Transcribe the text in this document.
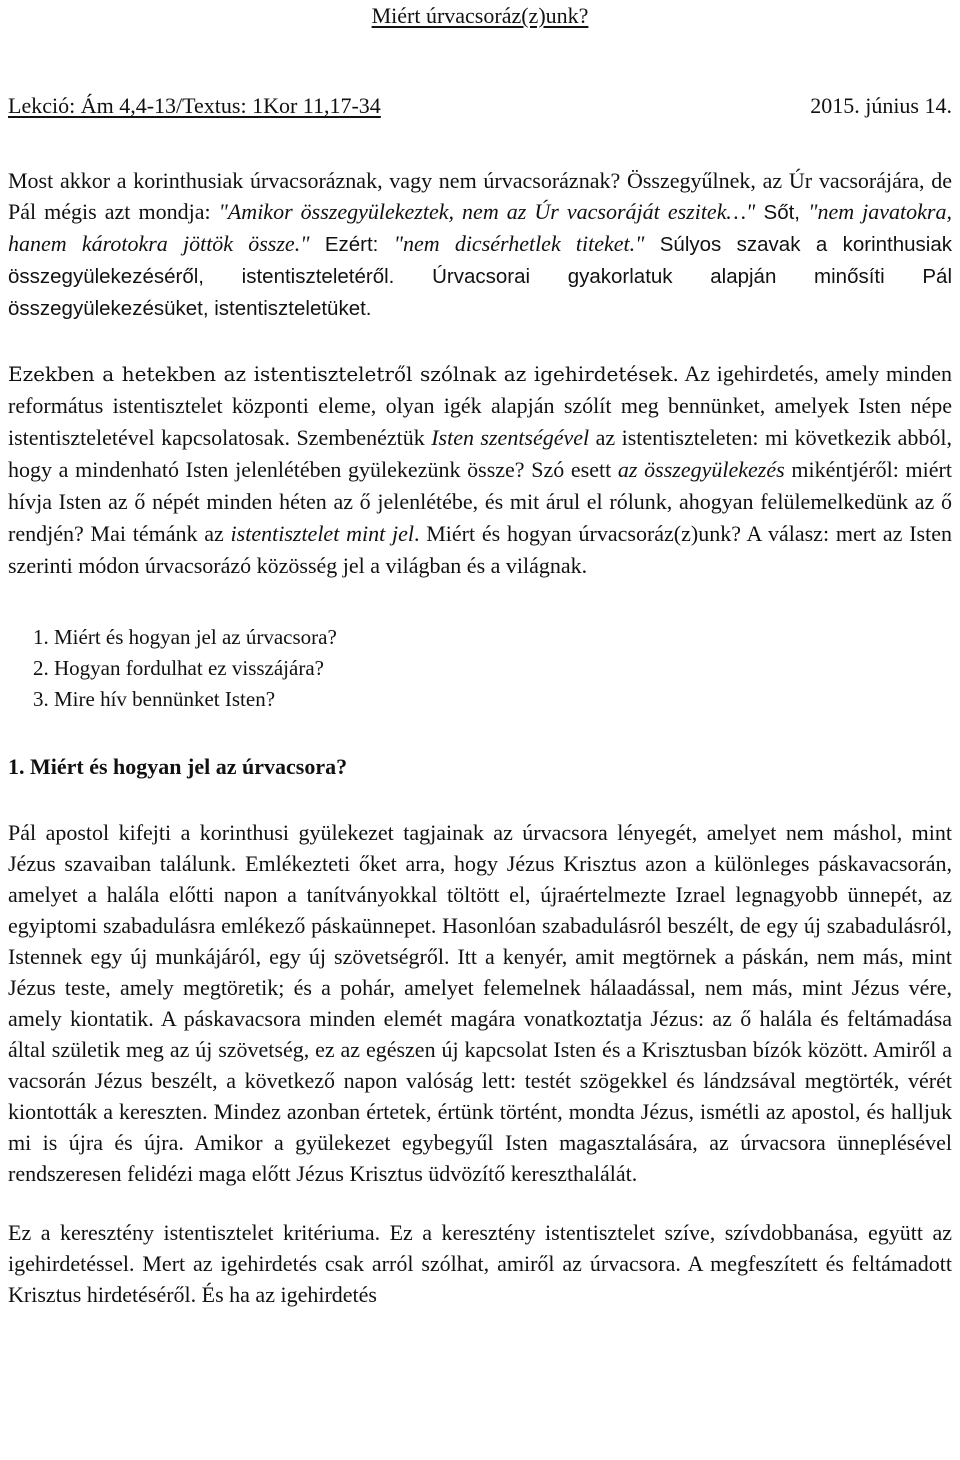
Miért úrvacsoráz(z)unk?
Lekció: Ám 4,4-13/Textus: 1Kor 11,17-34	2015. június 14.

Most akkor a korinthusiak úrvacsoráznak, vagy nem úrvacsoráznak? Összegyűlnek, az Úr vacsorájára, de Pál mégis azt mondja: "Amikor összegyülekeztek, nem az Úr vacsoráját eszitek…" Sőt, "nem javatokra, hanem károtokra jöttök össze." Ezért: "nem dicsérhetlek titeket." Súlyos szavak a korinthusiak összegyülekezéséről, istentiszteletéről. Úrvacsorai gyakorlatuk alapján minősíti Pál összegyülekezésüket, istentiszteletüket.

Ezekben a hetekben az istentiszteletről szólnak az igehirdetések. Az igehirdetés, amely minden református istentisztelet központi eleme, olyan igék alapján szólít meg bennünket, amelyek Isten népe istentiszteletével kapcsolatosak. Szembenéztük Isten szentségével az istentiszteleten: mi következik abból, hogy a mindenható Isten jelenlétében gyülekezünk össze? Szó esett az összegyülekezés mikéntjéről: miért hívja Isten az ő népét minden héten az ő jelenlétébe, és mit árul el rólunk, ahogyan felülemelkedünk az ő rendjén? Mai témánk az istentisztelet mint jel. Miért és hogyan úrvacsoráz(z)unk? A válasz: mert az Isten szerinti módon úrvacsorázó közösség jel a világban és a világnak.

1. Miért és hogyan jel az úrvacsora?
2. Hogyan fordulhat ez visszájára?
3. Mire hív bennünket Isten?
1. Miért és hogyan jel az úrvacsora?

Pál apostol kifejti a korinthusi gyülekezet tagjainak az úrvacsora lényegét, amelyet nem máshol, mint Jézus szavaiban találunk. Emlékezteti őket arra, hogy Jézus Krisztus azon a különleges páskavacsorán, amelyet a halála előtti napon a tanítványokkal töltött el, újraértelmezte Izrael legnagyobb ünnepét, az egyiptomi szabadulásra emlékező páskaünnepet. Hasonlóan szabadulásról beszélt, de egy új szabadulásról, Istennek egy új munkájáról, egy új szövetségről. Itt a kenyér, amit megtörnek a páskán, nem más, mint Jézus teste, amely megtöretik; és a pohár, amelyet felemelnek hálaadással, nem más, mint Jézus vére, amely kiontatik. A páskavacsora minden elemét magára vonatkoztatja Jézus: az ő halála és feltámadása által születik meg az új szövetség, ez az egészen új kapcsolat Isten és a Krisztusban bízók között. Amiről a vacsorán Jézus beszélt, a következő napon valóság lett: testét szögekkel és lándzsával megtörték, vérét kiontották a kereszten. Mindez azonban értetek, értünk történt, mondta Jézus, ismétli az apostol, és halljuk mi is újra és újra. Amikor a gyülekezet egybegyűl Isten magasztalására, az úrvacsora ünneplésével rendszeresen felidézi maga előtt Jézus Krisztus üdvözítő kereszthalálát.

Ez a keresztény istentisztelet kritériuma. Ez a keresztény istentisztelet szíve, szívdobbanása, együtt az igehirdetéssel. Mert az igehirdetés csak arról szólhat, amiről az úrvacsora. A megfeszített és feltámadott Krisztus hirdetéséről. És ha az igehirdetés
